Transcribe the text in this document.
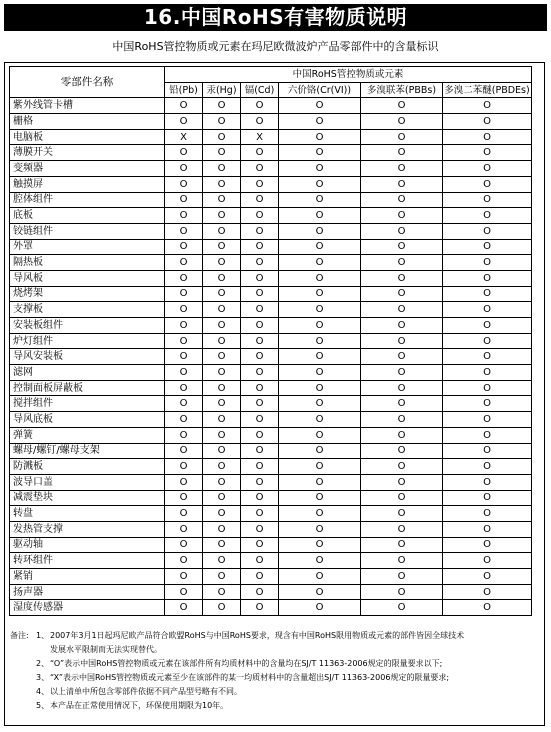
16.中国RoHS有害物质说明
中国RoHS管控物质或元素在玛尼欧微波炉产品零部件中的含量标识
零部件名称	中国RoHS管控物质或元素					
	铅(Pb)	汞(Hg)	镉(Cd)	六价铬(Cr(VI))	多溴联苯(PBBs)	多溴二苯醚(PBDEs)
紫外线管卡槽	O	O	O	O	O	O
栅格	O	O	O	O	O	O
电脑板	X	O	X	O	O	O
薄膜开关	O	O	O	O	O	O
变频器	O	O	O	O	O	O
触摸屏	O	O	O	O	O	O
腔体组件	O	O	O	O	O	O
底板	O	O	O	O	O	O
铰链组件	O	O	O	O	O	O
外罩	O	O	O	O	O	O
隔热板	O	O	O	O	O	O
导风板	O	O	O	O	O	O
烧烤架	O	O	O	O	O	O
支撑板	O	O	O	O	O	O
安装板组件	O	O	O	O	O	O
炉灯组件	O	O	O	O	O	O
导风安装板	O	O	O	O	O	O
滤网	O	O	O	O	O	O
控制面板屏蔽板	O	O	O	O	O	O
搅拌组件	O	O	O	O	O	O
导风底板	O	O	O	O	O	O
弹簧	O	O	O	O	O	O
螺母/螺钉/螺母支架	O	O	O	O	O	O
防溅板	O	O	O	O	O	O
波导口盖	O	O	O	O	O	O
减震垫块	O	O	O	O	O	O
转盘	O	O	O	O	O	O
发热管支撑	O	O	O	O	O	O
驱动轴	O	O	O	O	O	O
转环组件	O	O	O	O	O	O
紧销	O	O	O	O	O	O
扬声器	O	O	O	O	O	O
湿度传感器	O	O	O	O	O	O
备注: 1、 2007年3月1日起玛尼欧产品符合欧盟RoHS与中国RoHS要求，现含有中国RoHS限用物质或元素的部件皆因全球技术
发展水平限制而无法实现替代。
2、 “O”表示中国RoHS管控物质或元素在该部件所有均质材料中的含量均在SJ/T 11363-2006规定的限量要求以下;
3、 “X”表示中国RoHS管控物质或元素至少在该部件的某一均质材料中的含量超出SJ/T 11363-2006规定的限量要求;
4、 以上清单中所包含零部件依据不同产品型号略有不同。
5、 本产品在正常使用情况下，环保使用期限为10年。
